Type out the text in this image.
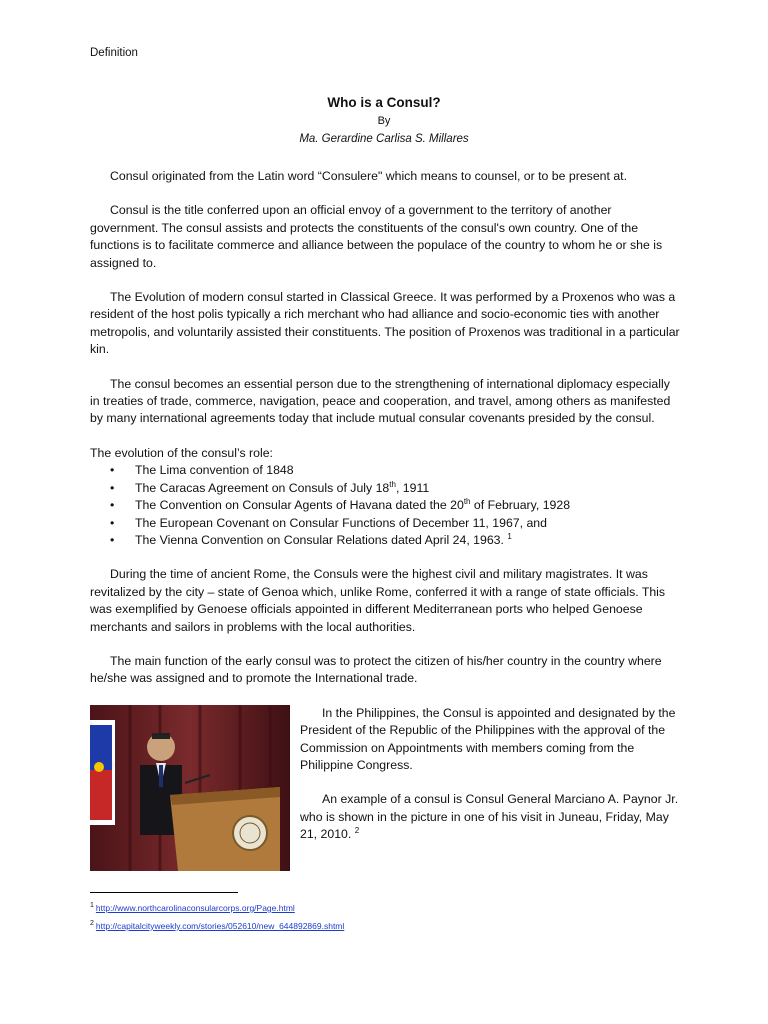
Definition
Who is a Consul?
By
Ma. Gerardine Carlisa S. Millares

Consul originated from the Latin word “Consulere" which means to counsel, or to be present at.

Consul is the title conferred upon an official envoy of a government to the territory of another government. The consul assists and protects the constituents of the consul's own country. One of the functions is to facilitate commerce and alliance between the populace of the country to whom he or she is assigned to.

The Evolution of modern consul started in Classical Greece. It was performed by a Proxenos who was a resident of the host polis typically a rich merchant who had alliance and socio-economic ties with another metropolis, and voluntarily assisted their constituents. The position of Proxenos was traditional in a particular kin.

The consul becomes an essential person due to the strengthening of international diplomacy especially in treaties of trade, commerce, navigation, peace and cooperation, and travel, among others as manifested by many international agreements today that include mutual consular covenants presided by the consul.

The evolution of the consul’s role:

• The Lima convention of 1848
• The Caracas Agreement on Consuls of July 18th, 1911
• The Convention on Consular Agents of Havana dated the 20th of February, 1928
• The European Covenant on Consular Functions of December 11, 1967, and
• The Vienna Convention on Consular Relations dated April 24, 1963. $^1$

During the time of ancient Rome, the Consuls were the highest civil and military magistrates. It was revitalized by the city – state of Genoa which, unlike Rome, conferred it with a range of state officials. This was exemplified by Genoese officials appointed in different Mediterranean ports who helped Genoese merchants and sailors in problems with the local authorities.

The main function of the early consul was to protect the citizen of his/her country in the country where he/she was assigned and to promote the International trade.

In the Philippines, the Consul is appointed and designated by the President of the Republic of the Philippines with the approval of the Commission on Appointments with members coming from the Philippine Congress.

An example of a consul is Consul General Marciano A. Paynor Jr. who is shown in the picture in one of his visit in Juneau, Friday, May 21, 2010. $^2$

$^1$ http://www.northcarolinaconsularcorps.org/Page.html
$^2$ http://capitalcityweekly.com/stories/052610/new_644892869.shtml
